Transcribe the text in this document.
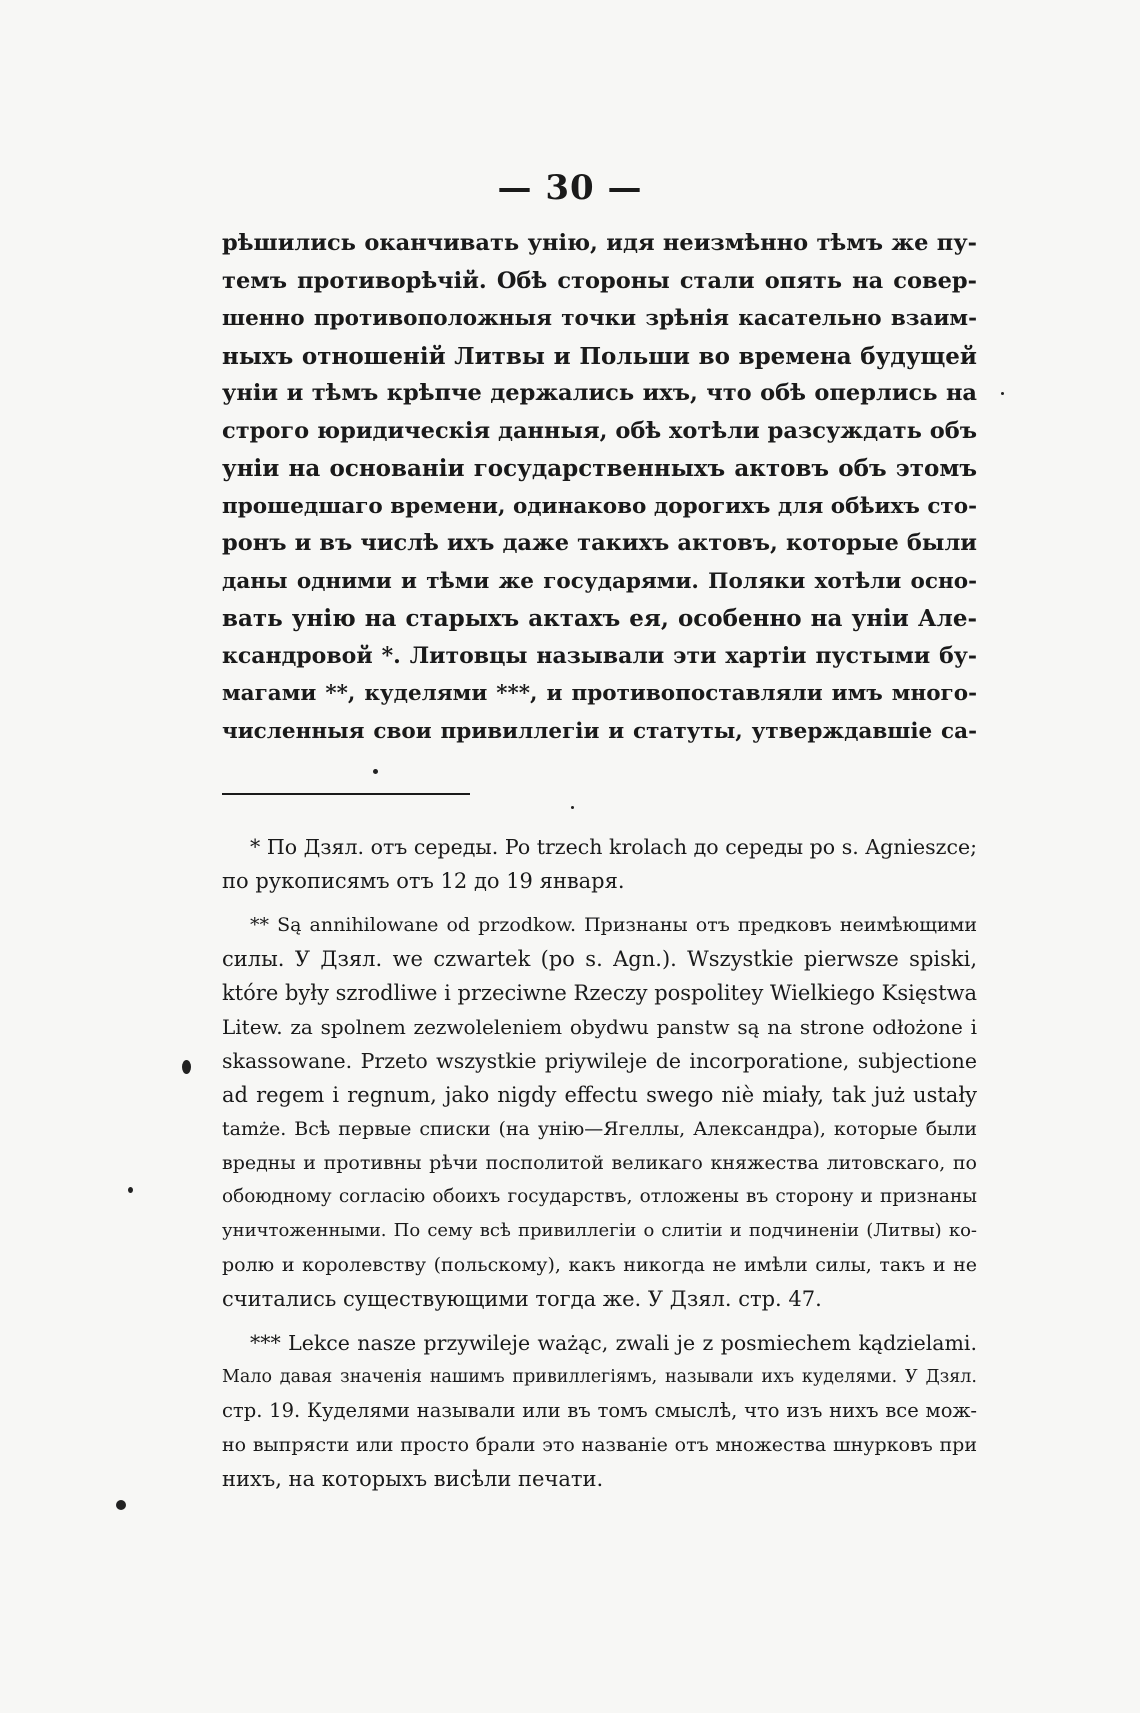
— 30 —
рѣшились оканчивать унію, идя неизмѣнно тѣмъ же пу-
темъ противорѣчій. Обѣ стороны стали опять на совер-
шенно противоположныя точки зрѣнія касательно взаим-
ныхъ отношеній Литвы и Польши во времена будущей
уніи и тѣмъ крѣпче держались ихъ, что обѣ оперлись на
строго юридическія данныя, обѣ хотѣли разсуждать объ
уніи на основаніи государственныхъ актовъ объ этомъ
прошедшаго времени, одинаково дорогихъ для обѣихъ сто-
ронъ и въ числѣ ихъ даже такихъ актовъ, которые были
даны одними и тѣми же государями. Поляки хотѣли осно-
вать унію на старыхъ актахъ ея, особенно на уніи Але-
ксандровой *. Литовцы называли эти хартіи пустыми бу-
магами **, куделями ***, и противопоставляли имъ много-
численныя свои привиллегіи и статуты, утверждавшіе са-
* По Дзял. отъ середы. Po trzech krolach до середы po s. Agnieszce;
по рукописямъ отъ 12 до 19 января.
** Są annihilowane od przodkow. Признаны отъ предковъ неимѣющими
силы. У Дзял. we czwartek (po s. Agn.). Wszystkie pierwsze spiski,
które były szrodliwe i przeciwne Rzeczy pospolitey Wielkiego Księstwa
Litew. za spolnem zezwoleleniem obydwu panstw są na strone odłożone i
skassowane. Przeto wszystkie priywileje de incorporatione, subjectione
ad regem i regnum, jako nigdy effectu swego niè miały, tak już ustały
tamże. Всѣ первые списки (на унію—Ягеллы, Александра), которые были
вредны и противны рѣчи посполитой великаго княжества литовскаго, по
обоюдному согласію обоихъ государствъ, отложены въ сторону и признаны
уничтоженными. По сему всѣ привиллегіи о слитіи и подчиненіи (Литвы) ко-
ролю и королевству (польскому), какъ никогда не имѣли силы, такъ и не
считались существующими тогда же. У Дзял. стр. 47.
*** Lekce nasze przywileje ważąc, zwali je z posmiechem kądzielami.
Мало давая значенія нашимъ привиллегіямъ, называли ихъ куделями. У Дзял.
стр. 19. Куделями называли или въ томъ смыслѣ, что изъ нихъ все мож-
но выпрясти или просто брали это названіе отъ множества шнурковъ при
нихъ, на которыхъ висѣли печати.
